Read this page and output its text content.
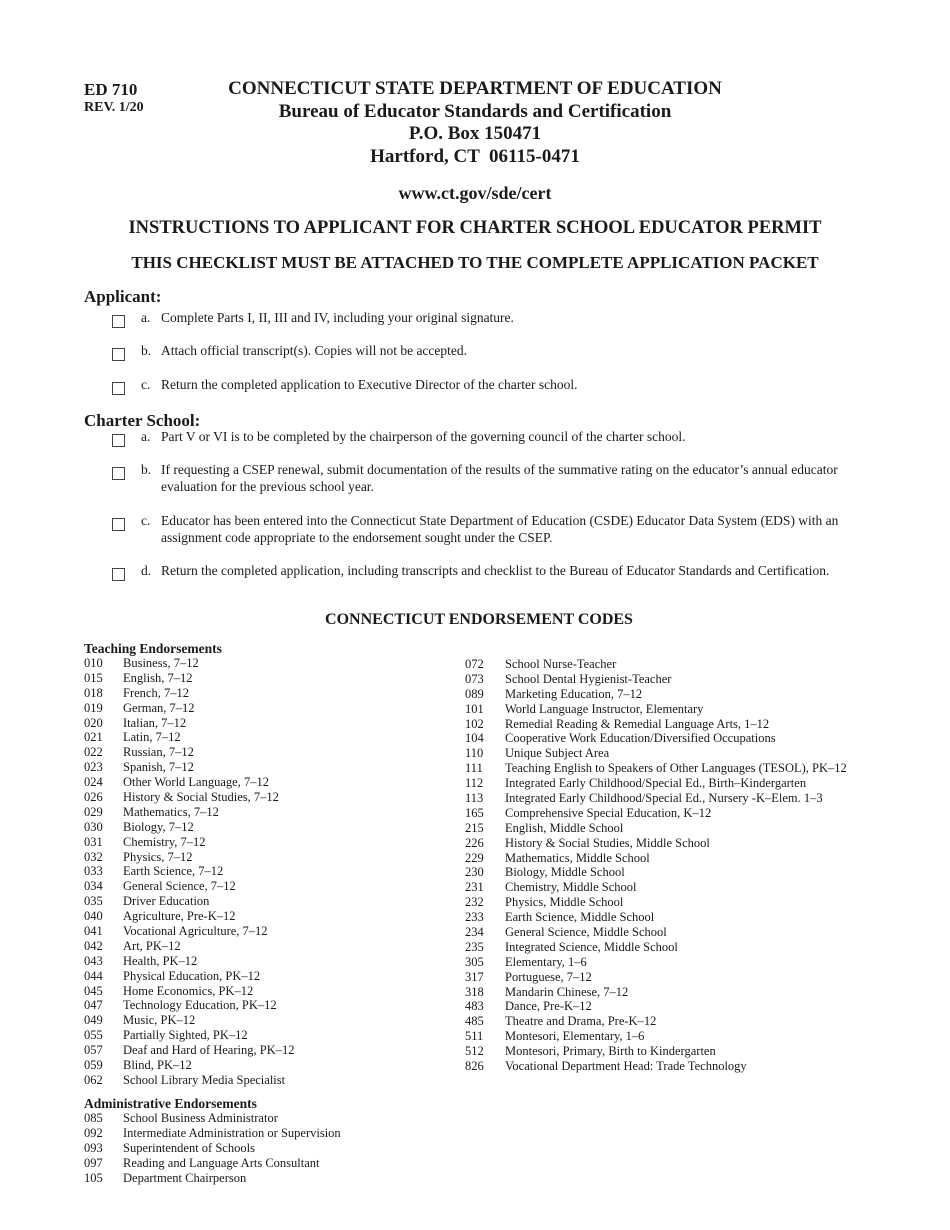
ED 710
REV. 1/20
CONNECTICUT STATE DEPARTMENT OF EDUCATION
Bureau of Educator Standards and Certification
P.O. Box 150471
Hartford, CT  06115-0471
www.ct.gov/sde/cert
INSTRUCTIONS TO APPLICANT FOR CHARTER SCHOOL EDUCATOR PERMIT
THIS CHECKLIST MUST BE ATTACHED TO THE COMPLETE APPLICATION PACKET
Applicant:
a. Complete Parts I, II, III and IV, including your original signature.
b. Attach official transcript(s). Copies will not be accepted.
c. Return the completed application to Executive Director of the charter school.
Charter School:
a. Part V or VI is to be completed by the chairperson of the governing council of the charter school.
b. If requesting a CSEP renewal, submit documentation of the results of the summative rating on the educator’s annual educator evaluation for the previous school year.
c. Educator has been entered into the Connecticut State Department of Education (CSDE) Educator Data System (EDS) with an assignment code appropriate to the endorsement sought under the CSEP.
d. Return the completed application, including transcripts and checklist to the Bureau of Educator Standards and Certification.
CONNECTICUT ENDORSEMENT CODES
Teaching Endorsements
010	Business, 7–12
015	English, 7–12
018	French, 7–12
019	German, 7–12
020	Italian, 7–12
021	Latin, 7–12
022	Russian, 7–12
023	Spanish, 7–12
024	Other World Language, 7–12
026	History & Social Studies, 7–12
029	Mathematics, 7–12
030	Biology, 7–12
031	Chemistry, 7–12
032	Physics, 7–12
033	Earth Science, 7–12
034	General Science, 7–12
035	Driver Education
040	Agriculture, Pre-K–12
041	Vocational Agriculture, 7–12
042	Art, PK–12
043	Health, PK–12
044	Physical Education, PK–12
045	Home Economics, PK–12
047	Technology Education, PK–12
049	Music, PK–12
055	Partially Sighted, PK–12
057	Deaf and Hard of Hearing, PK–12
059	Blind, PK–12
062	School Library Media Specialist
072	School Nurse-Teacher
073	School Dental Hygienist-Teacher
089	Marketing Education, 7–12
101	World Language Instructor, Elementary
102	Remedial Reading & Remedial Language Arts, 1–12
104	Cooperative Work Education/Diversified Occupations
110	Unique Subject Area
111	Teaching English to Speakers of Other Languages (TESOL), PK–12
112	Integrated Early Childhood/Special Ed., Birth–Kindergarten
113	Integrated Early Childhood/Special Ed., Nursery -K–Elem. 1–3
165	Comprehensive Special Education, K–12
215	English, Middle School
226	History & Social Studies, Middle School
229	Mathematics, Middle School
230	Biology, Middle School
231	Chemistry, Middle School
232	Physics, Middle School
233	Earth Science, Middle School
234	General Science, Middle School
235	Integrated Science, Middle School
305	Elementary, 1–6
317	Portuguese, 7–12
318	Mandarin Chinese, 7–12
483	Dance, Pre-K–12
485	Theatre and Drama, Pre-K–12
511	Montesori, Elementary, 1–6
512	Montesori, Primary, Birth to Kindergarten
826	Vocational Department Head: Trade Technology
Administrative Endorsements
085	School Business Administrator
092	Intermediate Administration or Supervision
093	Superintendent of Schools
097	Reading and Language Arts Consultant
105	Department Chairperson
